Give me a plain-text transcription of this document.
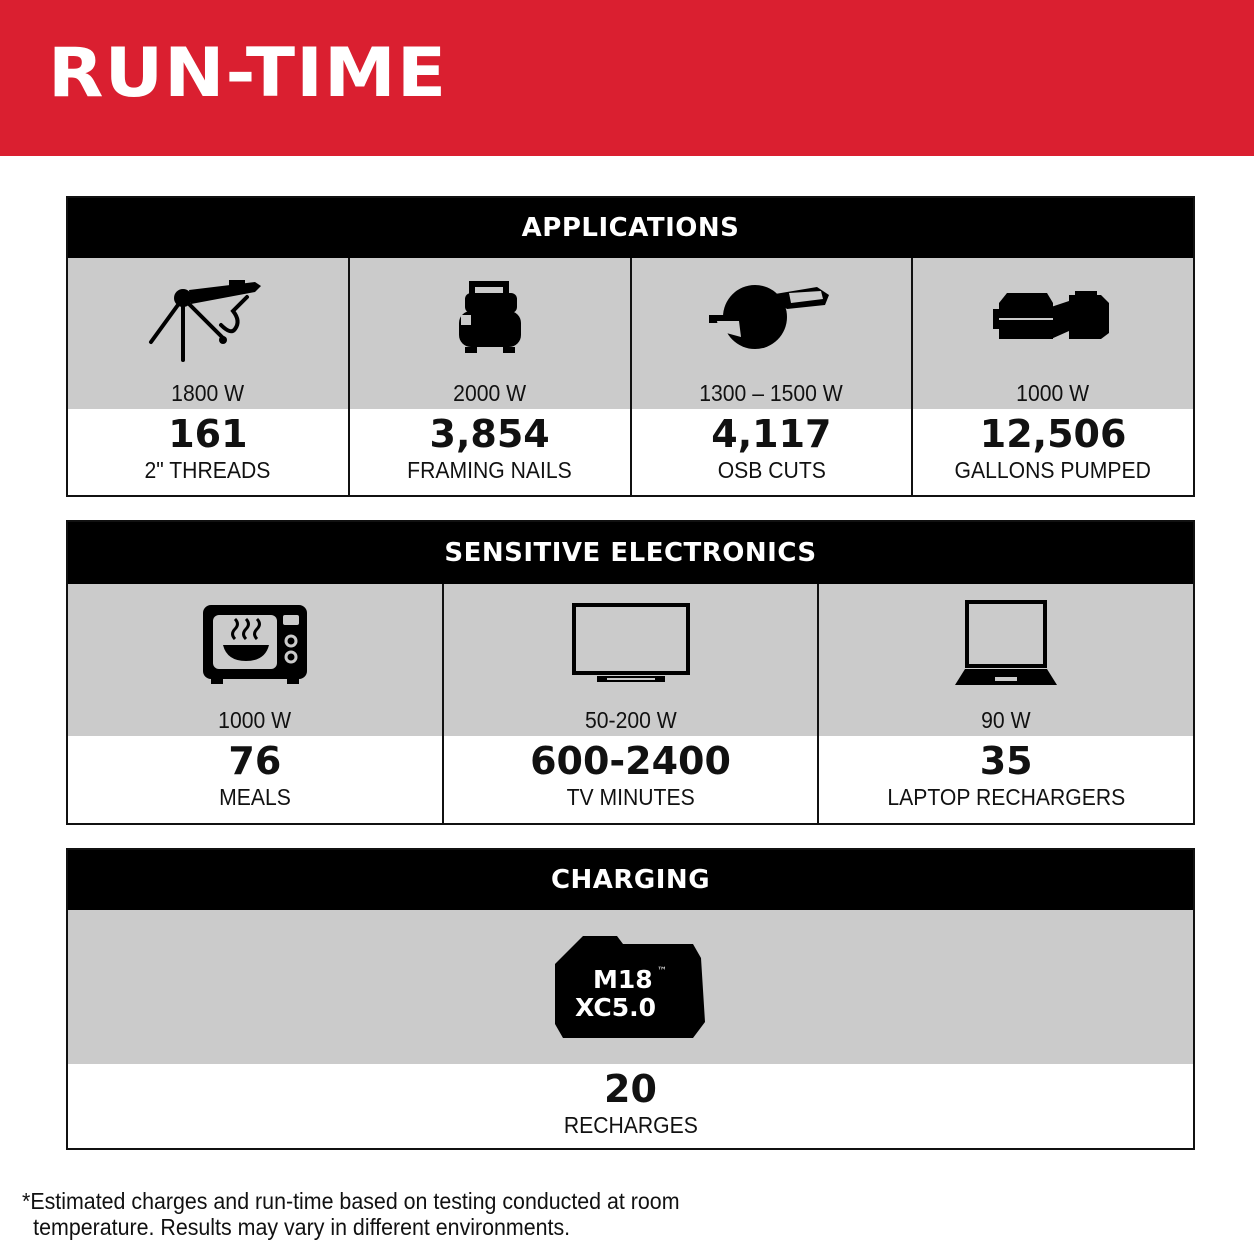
RUN-TIME
APPLICATIONS
1800 W
161
2" THREADS
2000 W
3,854
FRAMING NAILS
1300 – 1500 W
4,117
OSB CUTS
1000 W
12,506
GALLONS PUMPED
SENSITIVE ELECTRONICS
1000 W
76
MEALS
50-200 W
600-2400
TV MINUTES
90 W
35
LAPTOP RECHARGERS
CHARGING
M18 ™
XC5.0
20
RECHARGES
*Estimated charges and run-time based on testing conducted at room
temperature. Results may vary in different environments.
